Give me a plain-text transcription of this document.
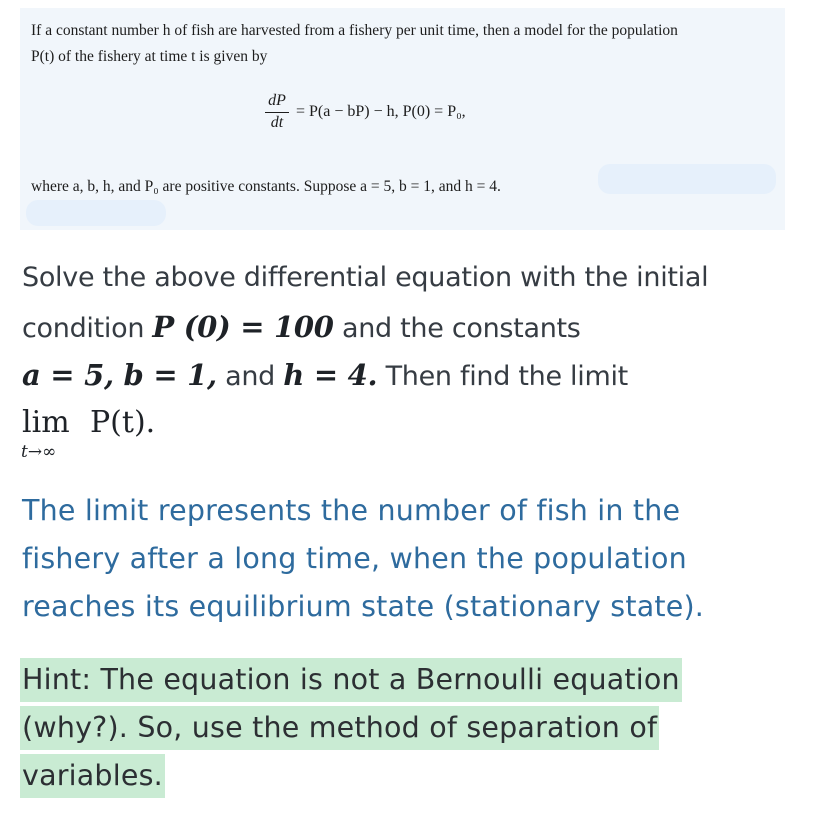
If a constant number h of fish are harvested from a fishery per unit time, then a model for the population
P(t) of the fishery at time t is given by
dP
dt
= P(a − bP) − h, P(0) = P₀,
where a, b, h, and P₀ are positive constants. Suppose a = 5, b = 1, and h = 4.
Solve the above differential equation with the initial
condition P (0) = 100 and the constants
a = 5, b = 1, and h = 4. Then find the limit
lim
t→∞
P(t).
The limit represents the number of fish in the
fishery after a long time, when the population
reaches its equilibrium state (stationary state).
Hint: The equation is not a Bernoulli equation
(why?). So, use the method of separation of
variables.
